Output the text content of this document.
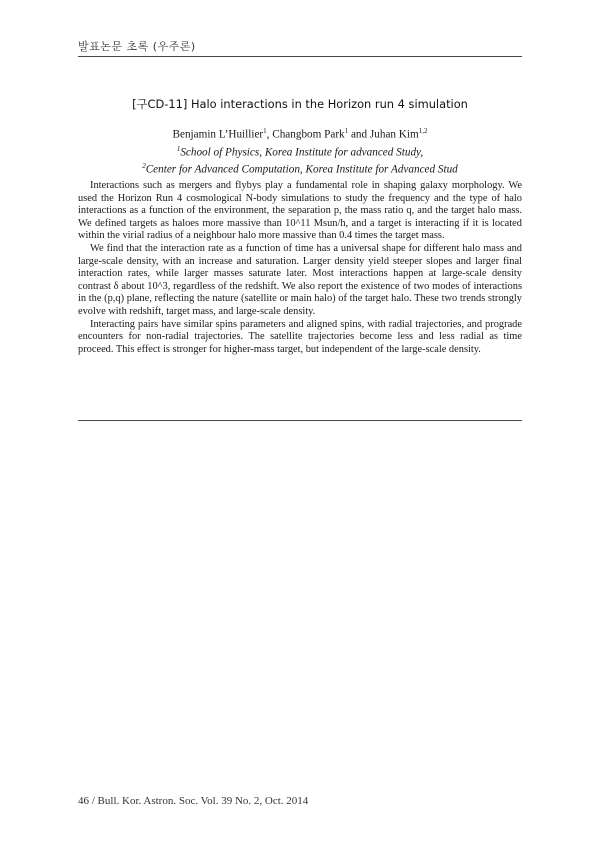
발표논문 초록 (우주론)
[구CD-11] Halo interactions in the Horizon run 4 simulation
Benjamin L’Huillier$^1$, Changbom Park$^1$ and Juhan Kim$^{1,2}$
$^1$School of Physics, Korea Institute for advanced Study,
$^2$Center for Advanced Computation, Korea Institute for Advanced Stud

Interactions such as mergers and flybys play a fundamental role in shaping galaxy morphology. We used the Horizon Run 4 cosmological N-body simulations to study the frequency and the type of halo interactions as a function of the environment, the separation p, the mass ratio q, and the target halo mass. We defined targets as haloes more massive than 10^11 Msun/h, and a target is interacting if it is located within the virial radius of a neighbour halo more massive than 0.4 times the target mass.

We find that the interaction rate as a function of time has a universal shape for different halo mass and large-scale density, with an increase and saturation. Larger density yield steeper slopes and larger final interaction rates, while larger masses saturate later. Most interactions happen at large-scale density contrast δ about 10^3, regardless of the redshift. We also report the existence of two modes of interactions in the (p,q) plane, reflecting the nature (satellite or main halo) of the target halo. These two trends strongly evolve with redshift, target mass, and large-scale density.

Interacting pairs have similar spins parameters and aligned spins, with radial trajectories, and prograde encounters for non-radial trajectories. The satellite trajectories become less and less radial as time proceed. This effect is stronger for higher-mass target, but independent of the large-scale density.

46 / Bull. Kor. Astron. Soc. Vol. 39 No. 2, Oct. 2014
